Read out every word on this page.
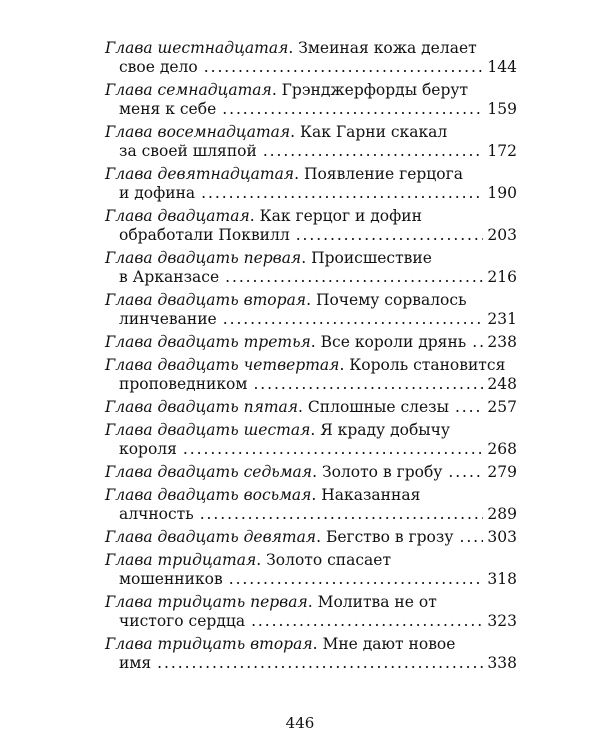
Глава шестнадцатая. Змеиная кожа делает
свое дело . . .	144
Глава семнадцатая. Грэнджерфорды берут
меня к себе . . .	159
Глава восемнадцатая. Как Гарни скакал
за своей шляпой . . .	172
Глава девятнадцатая. Появление герцога
и дофина . . .	190
Глава двадцатая. Как герцог и дофин
обработали Поквилл . . .	203
Глава двадцать первая. Происшествие
в Арканзасе . . .	216
Глава двадцать вторая. Почему сорвалось
линчевание . . .	231
Глава двадцать третья. Все короли дрянь . . . 238
Глава двадцать четвертая. Король становится
проповедником . . .	248
Глава двадцать пятая. Сплошные слезы . . . 257
Глава двадцать шестая. Я краду добычу
короля . . .	268
Глава двадцать седьмая. Золото в гробу . . .	279
Глава двадцать восьмая. Наказанная
алчность . . .	289
Глава двадцать девятая. Бегство в грозу . . . 303
Глава тридцатая. Золото спасает
мошенников . . .	318
Глава тридцать первая. Молитва не от
чистого сердца . . .	323
Глава тридцать вторая. Мне дают новое
имя . . .	338
446
